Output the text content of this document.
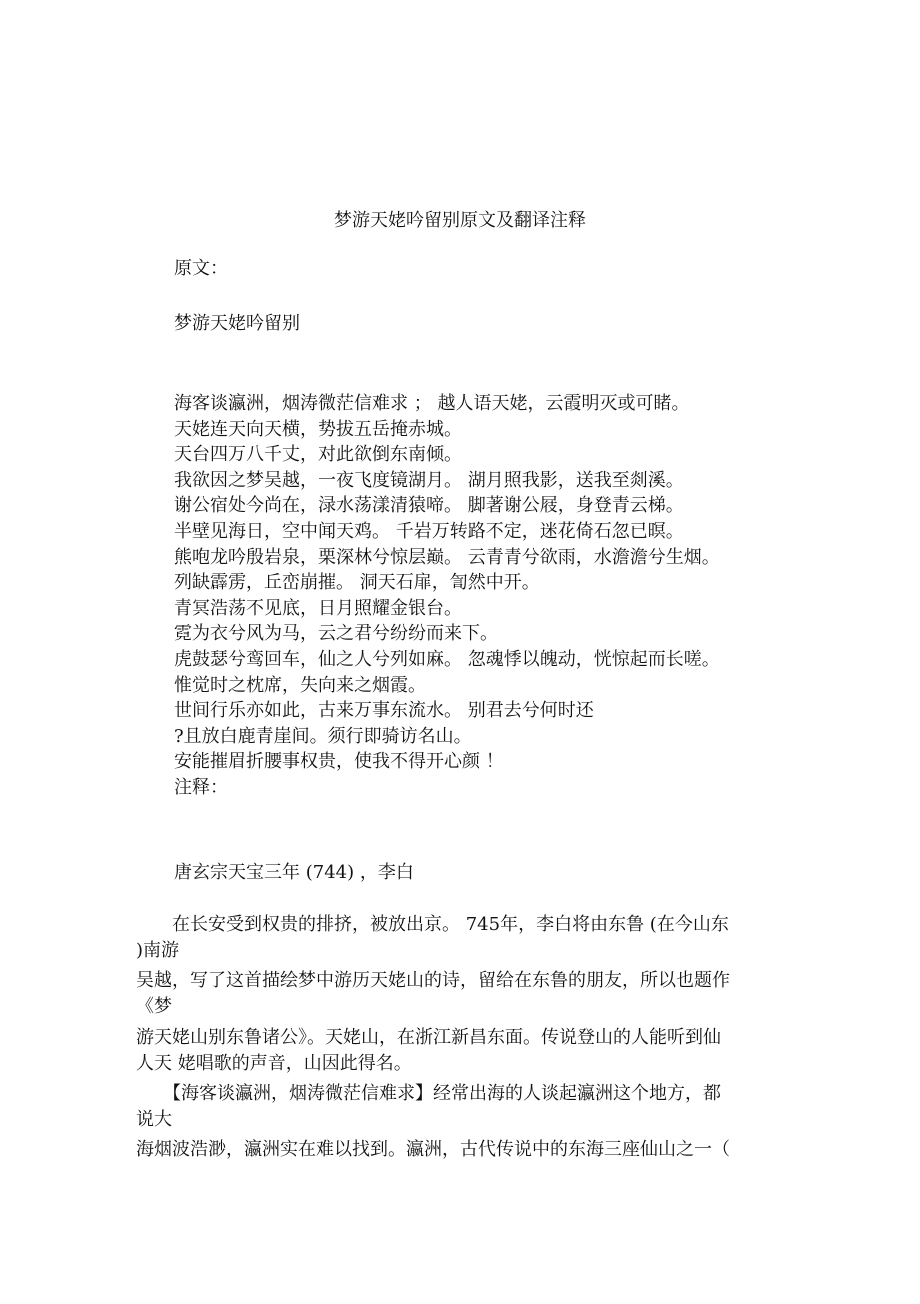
梦游天姥吟留别原文及翻译注释

原文：

梦游天姥吟留别

海客谈瀛洲，烟涛微茫信难求 ； 越人语天姥，云霞明灭或可睹。
天姥连天向天横，势拔五岳掩赤城。
天台四万八千丈，对此欲倒东南倾。
我欲因之梦吴越，一夜飞度镜湖月。 湖月照我影，送我至剡溪。
谢公宿处今尚在，渌水荡漾清猿啼。 脚著谢公屐，身登青云梯。
半壁见海日，空中闻天鸡。 千岩万转路不定，迷花倚石忽已暝。
熊咆龙吟殷岩泉，栗深林兮惊层巅。 云青青兮欲雨，水澹澹兮生烟。
列缺霹雳，丘峦崩摧。 洞天石扉，訇然中开。
青冥浩荡不见底，日月照耀金银台。
霓为衣兮风为马，云之君兮纷纷而来下。
虎鼓瑟兮鸾回车，仙之人兮列如麻。 忽魂悸以魄动，恍惊起而长嗟。
惟觉时之枕席，失向来之烟霞。
世间行乐亦如此，古来万事东流水。 别君去兮何时还
?且放白鹿青崖间。须行即骑访名山。
安能摧眉折腰事权贵，使我不得开心颜 ！
注释：

唐玄宗天宝三年 (744) ，李白

　　在长安受到权贵的排挤，被放出京。 745年，李白将由东鲁 (在今山东

)南游

吴越，写了这首描绘梦中游历天姥山的诗，留给在东鲁的朋友，所以也题作

《梦

游天姥山别东鲁诸公》。天姥山，在浙江新昌东面。传说登山的人能听到仙

人天 姥唱歌的声音，山因此得名。

　　【海客谈瀛洲，烟涛微茫信难求】经常出海的人谈起瀛洲这个地方，都

说大

海烟波浩渺，瀛洲实在难以找到。瀛洲，古代传说中的东海三座仙山之一（
